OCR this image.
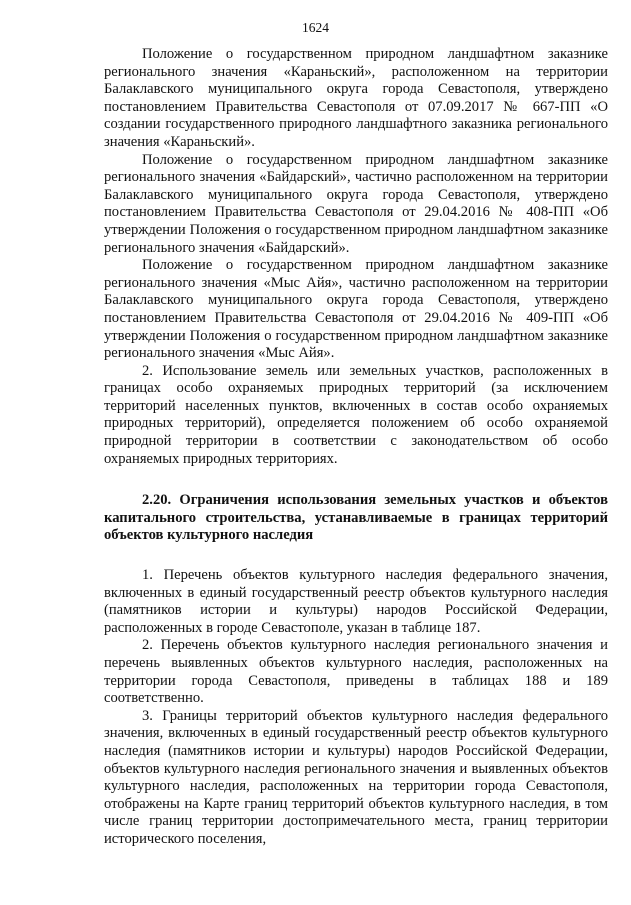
1624

Положение о государственном природном ландшафтном заказнике регионального значения «Караньский», расположенном на территории Балаклавского муниципального округа города Севастополя, утверждено постановлением Правительства Севастополя от 07.09.2017 № 667-ПП «О создании государственного природного ландшафтного заказника регионального значения «Караньский».

Положение о государственном природном ландшафтном заказнике регионального значения «Байдарский», частично расположенном на территории Балаклавского муниципального округа города Севастополя, утверждено постановлением Правительства Севастополя от 29.04.2016 № 408-ПП «Об утверждении Положения о государственном природном ландшафтном заказнике регионального значения «Байдарский».

Положение о государственном природном ландшафтном заказнике регионального значения «Мыс Айя», частично расположенном на территории Балаклавского муниципального округа города Севастополя, утверждено постановлением Правительства Севастополя от 29.04.2016 № 409-ПП «Об утверждении Положения о государственном природном ландшафтном заказнике регионального значения «Мыс Айя».

2. Использование земель или земельных участков, расположенных в границах особо охраняемых природных территорий (за исключением территорий населенных пунктов, включенных в состав особо охраняемых природных территорий), определяется положением об особо охраняемой природной территории в соответствии с законодательством об особо охраняемых природных территориях.

2.20. Ограничения использования земельных участков и объектов капитального строительства, устанавливаемые в границах территорий объектов культурного наследия

1. Перечень объектов культурного наследия федерального значения, включенных в единый государственный реестр объектов культурного наследия (памятников истории и культуры) народов Российской Федерации, расположенных в городе Севастополе, указан в таблице 187.

2. Перечень объектов культурного наследия регионального значения и перечень выявленных объектов культурного наследия, расположенных на территории города Севастополя, приведены в таблицах 188 и 189 соответственно.

3. Границы территорий объектов культурного наследия федерального значения, включенных в единый государственный реестр объектов культурного наследия (памятников истории и культуры) народов Российской Федерации, объектов культурного наследия регионального значения и выявленных объектов культурного наследия, расположенных на территории города Севастополя, отображены на Карте границ территорий объектов культурного наследия, в том числе границ территории достопримечательного места, границ территории исторического поселения,
